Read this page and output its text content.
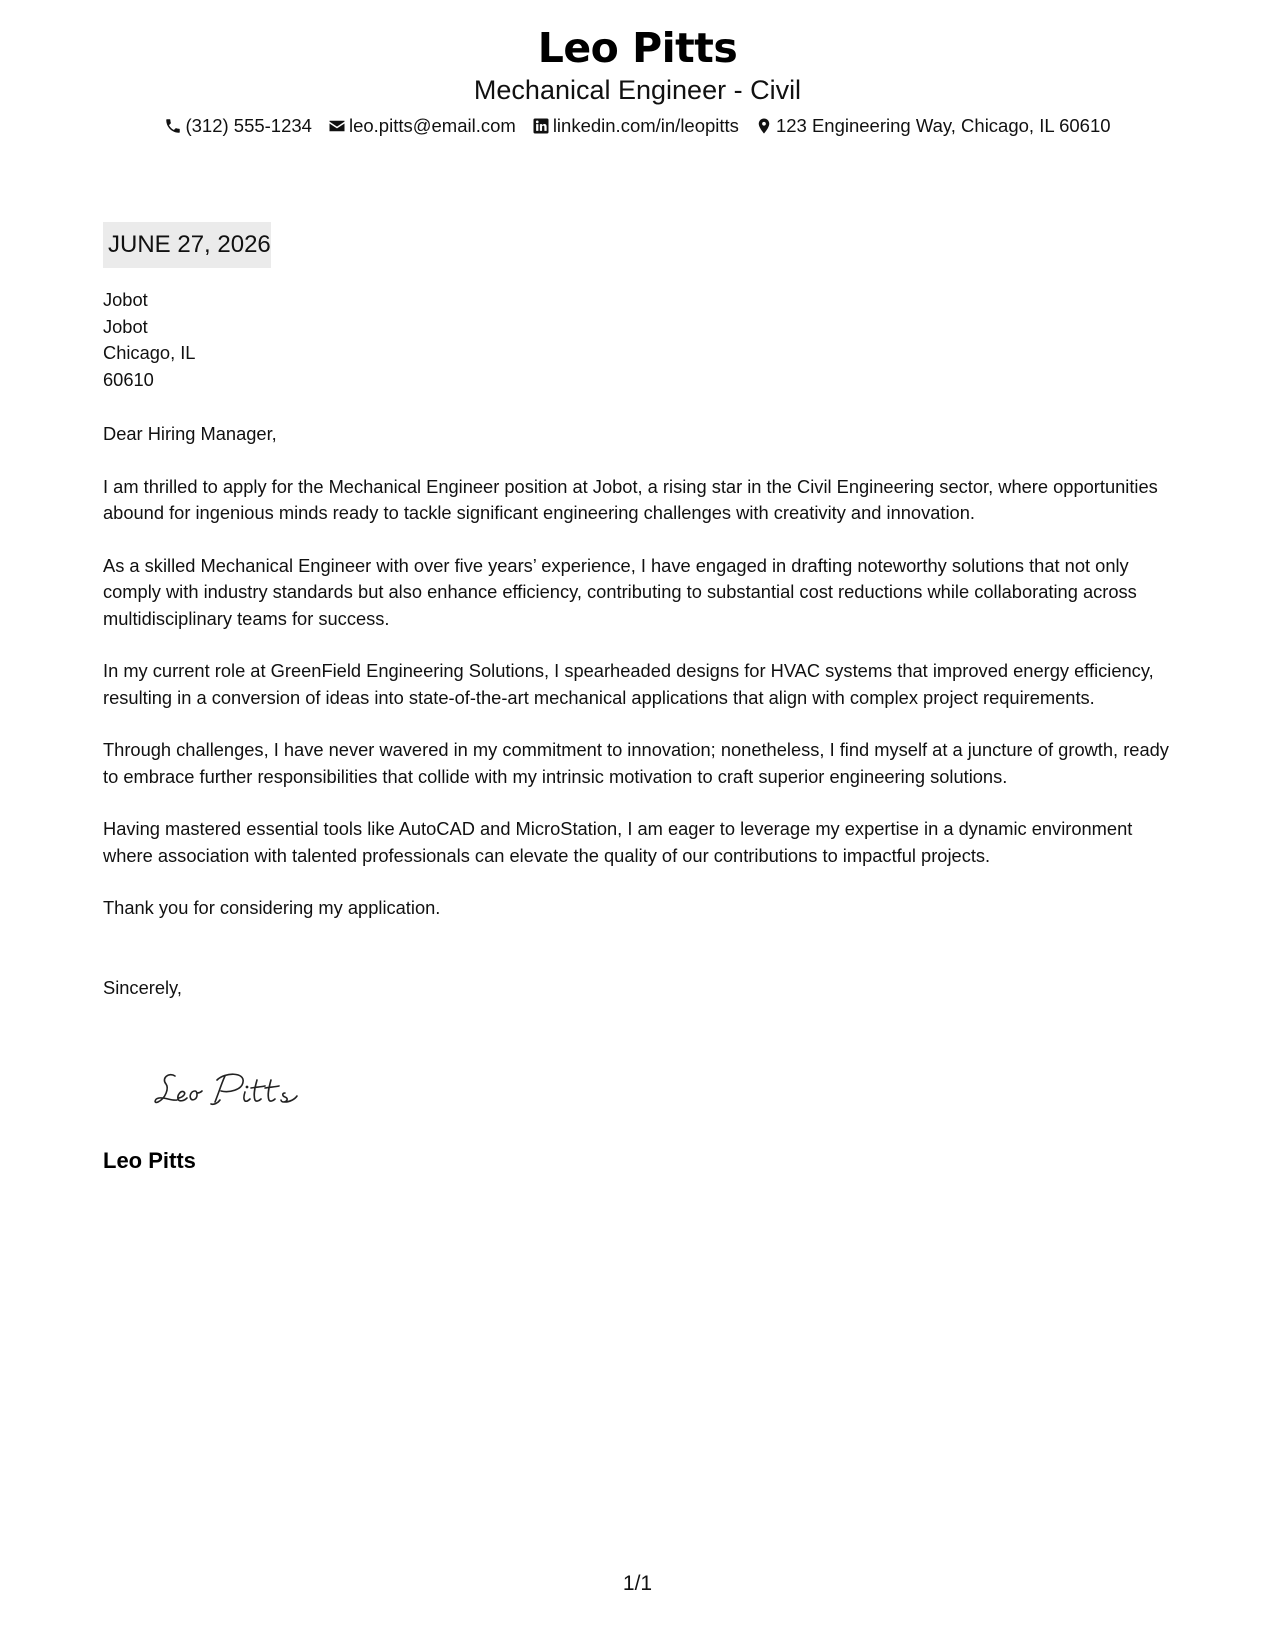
Leo Pitts
Mechanical Engineer - Civil
(312) 555-1234 leo.pitts@email.com linkedin.com/in/leopitts 123 Engineering Way, Chicago, IL 60610
JUNE 27, 2026
Jobot
Jobot
Chicago, IL
60610
Dear Hiring Manager,
I am thrilled to apply for the Mechanical Engineer position at Jobot, a rising star in the Civil Engineering sector, where opportunities abound for ingenious minds ready to tackle significant engineering challenges with creativity and innovation.
As a skilled Mechanical Engineer with over five years’ experience, I have engaged in drafting noteworthy solutions that not only comply with industry standards but also enhance efficiency, contributing to substantial cost reductions while collaborating across multidisciplinary teams for success.
In my current role at GreenField Engineering Solutions, I spearheaded designs for HVAC systems that improved energy efficiency, resulting in a conversion of ideas into state-of-the-art mechanical applications that align with complex project requirements.
Through challenges, I have never wavered in my commitment to innovation; nonetheless, I find myself at a juncture of growth, ready to embrace further responsibilities that collide with my intrinsic motivation to craft superior engineering solutions.
Having mastered essential tools like AutoCAD and MicroStation, I am eager to leverage my expertise in a dynamic environment where association with talented professionals can elevate the quality of our contributions to impactful projects.
Thank you for considering my application.
Sincerely,
Leo Pitts
1/1
